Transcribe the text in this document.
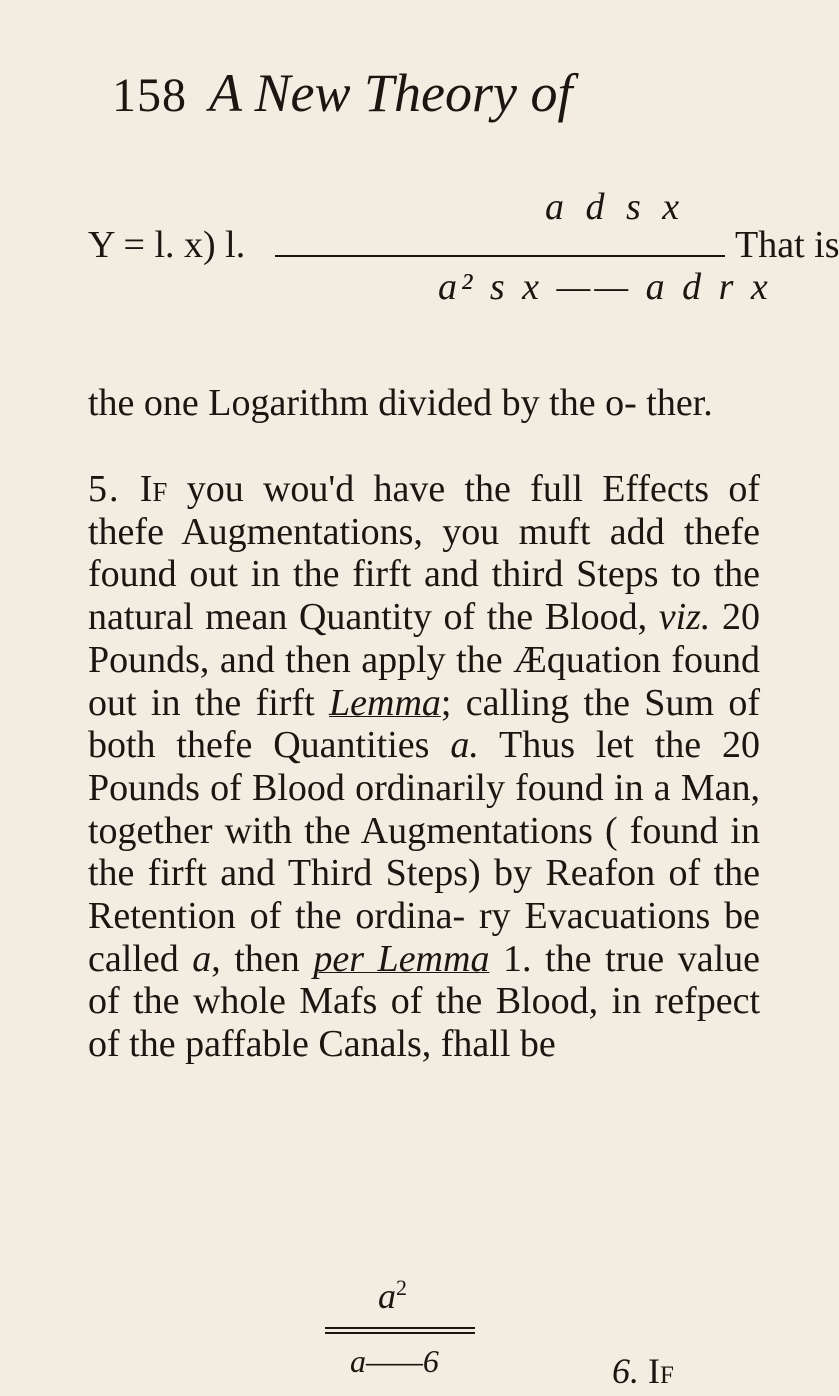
158 A New Theory of
a d s x
Y = l. x) l.	That is
a² s x —— a d r x
the one Logarithm divided by the o- ther.
5. If you wou'd have the full Effects of thefe Augmentations, you muft add thefe found out in the firft and third Steps to the natural mean Quantity of the Blood, viz. 20 Pounds, and then apply the Æquation found out in the firft Lemma; calling the Sum of both thefe Quantities a. Thus let the 20 Pounds of Blood ordinarily found in a Man, together with the Augmentations ( found in the firft and Third Steps) by Reafon of the Retention of the ordina- ry Evacuations be called a, then per Lemma 1. the true value of the whole Mafs of the Blood, in refpect of the paffable Canals, fhall be
$a^2$
a——6	6. If
